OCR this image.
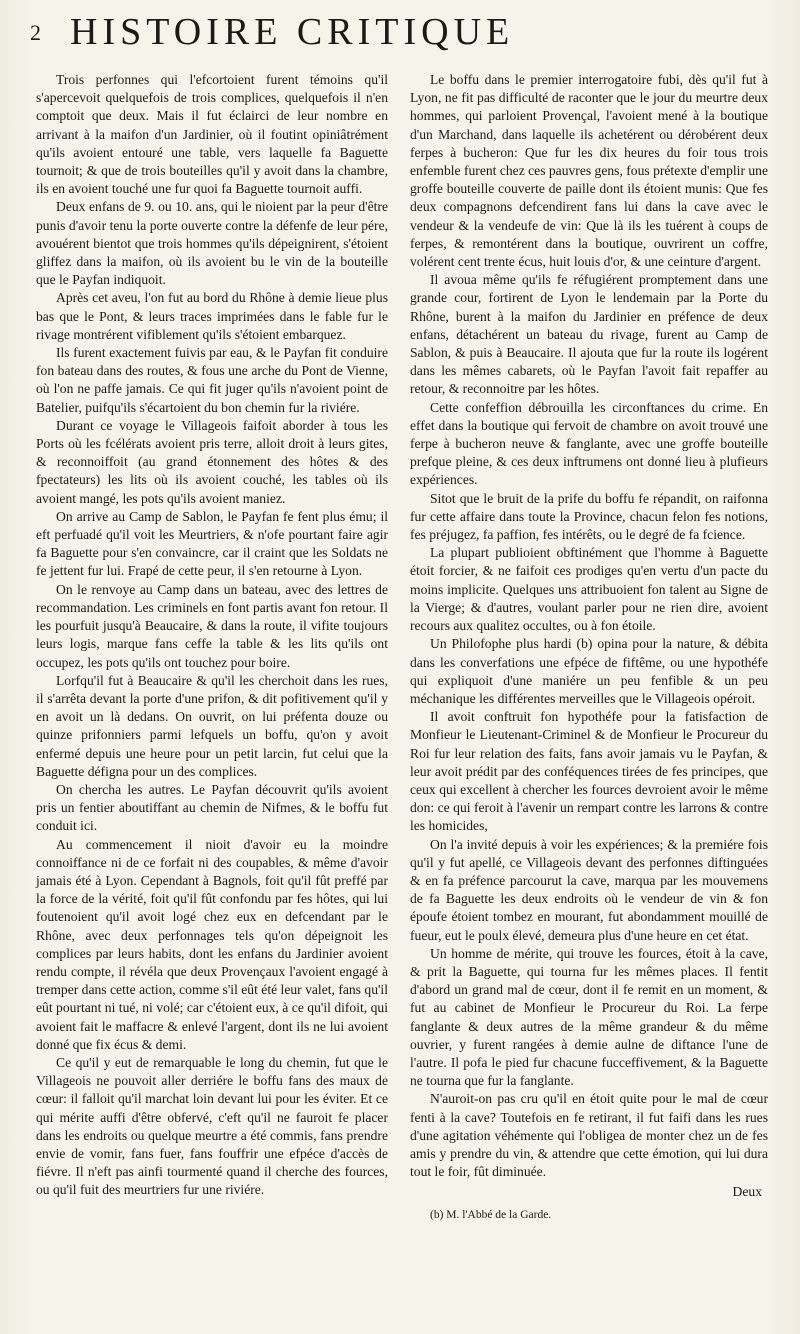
2 HISTOIRE CRITIQUE

Trois perfonnes qui l'efcortoient furent témoins qu'il s'apercevoit quelquefois de trois complices, quelquefois il n'en comptoit que deux. Mais il fut éclairci de leur nombre en arrivant à la maifon d'un Jardinier, où il foutint opiniâtrément qu'ils avoient entouré une table, vers laquelle fa Baguette tournoit; & que de trois bouteilles qu'il y avoit dans la chambre, ils en avoient touché une fur quoi fa Baguette tournoit auffi.

Deux enfans de 9. ou 10. ans, qui le nioient par la peur d'être punis d'avoir tenu la porte ouverte contre la défenfe de leur pére, avouérent bientot que trois hommes qu'ils dépeignirent, s'étoient gliffez dans la maifon, où ils avoient bu le vin de la bouteille que le Payfan indiquoit.

Après cet aveu, l'on fut au bord du Rhône à demie lieue plus bas que le Pont, & leurs traces imprimées dans le fable fur le rivage montrérent vifiblement qu'ils s'étoient embarquez.

Ils furent exactement fuivis par eau, & le Payfan fit conduire fon bateau dans des routes, & fous une arche du Pont de Vienne, où l'on ne paffe jamais. Ce qui fit juger qu'ils n'avoient point de Batelier, puifqu'ils s'écartoient du bon chemin fur la riviére.

Durant ce voyage le Villageois faifoit aborder à tous les Ports où les fcélérats avoient pris terre, alloit droit à leurs gites, & reconnoiffoit (au grand étonnement des hôtes & des fpectateurs) les lits où ils avoient couché, les tables où ils avoient mangé, les pots qu'ils avoient maniez.

On arrive au Camp de Sablon, le Payfan fe fent plus ému; il eft perfuadé qu'il voit les Meurtriers, & n'ofe pourtant faire agir fa Baguette pour s'en convaincre, car il craint que les Soldats ne fe jettent fur lui. Frapé de cette peur, il s'en retourne à Lyon.

On le renvoye au Camp dans un bateau, avec des lettres de recommandation. Les criminels en font partis avant fon retour. Il les pourfuit jusqu'à Beaucaire, & dans la route, il vifite toujours leurs logis, marque fans ceffe la table & les lits qu'ils ont occupez, les pots qu'ils ont touchez pour boire.

Lorfqu'il fut à Beaucaire & qu'il les cherchoit dans les rues, il s'arrêta devant la porte d'une prifon, & dit pofitivement qu'il y en avoit un là dedans. On ouvrit, on lui préfenta douze ou quinze prifonniers parmi lefquels un boffu, qu'on y avoit enfermé depuis une heure pour un petit larcin, fut celui que la Baguette défigna pour un des complices.

On chercha les autres. Le Payfan découvrit qu'ils avoient pris un fentier aboutiffant au chemin de Nifmes, & le boffu fut conduit ici.

Au commencement il nioit d'avoir eu la moindre connoiffance ni de ce forfait ni des coupables, & même d'avoir jamais été à Lyon. Cependant à Bagnols, foit qu'il fût preffé par la force de la vérité, foit qu'il fût confondu par fes hôtes, qui lui foutenoient qu'il avoit logé chez eux en defcendant par le Rhône, avec deux perfonnages tels qu'on dépeignoit les complices par leurs habits, dont les enfans du Jardinier avoient rendu compte, il révéla que deux Provençaux l'avoient engagé à tremper dans cette action, comme s'il eût été leur valet, fans qu'il eût pourtant ni tué, ni volé; car c'étoient eux, à ce qu'il difoit, qui avoient fait le maffacre & enlevé l'argent, dont ils ne lui avoient donné que fix écus & demi.

Ce qu'il y eut de remarquable le long du chemin, fut que le Villageois ne pouvoit aller derriére le boffu fans des maux de cœur: il falloit qu'il marchat loin devant lui pour les éviter. Et ce qui mérite auffi d'être obfervé, c'eft qu'il ne fauroit fe placer dans les endroits ou quelque meurtre a été commis, fans prendre envie de vomir, fans fuer, fans fouffrir une efpéce d'accès de fiévre. Il n'eft pas ainfi tourmenté quand il cherche des fources, ou qu'il fuit des meurtriers fur une riviére.

Le boffu dans le premier interrogatoire fubi, dès qu'il fut à Lyon, ne fit pas difficulté de raconter que le jour du meurtre deux hommes, qui parloient Provençal, l'avoient mené à la boutique d'un Marchand, dans laquelle ils achetérent ou dérobérent deux ferpes à bucheron: Que fur les dix heures du foir tous trois enfemble furent chez ces pauvres gens, fous prétexte d'emplir une groffe bouteille couverte de paille dont ils étoient munis: Que fes deux compagnons defcendirent fans lui dans la cave avec le vendeur & la vendeufe de vin: Que là ils les tuérent à coups de ferpes, & remontérent dans la boutique, ouvrirent un coffre, volérent cent trente écus, huit louis d'or, & une ceinture d'argent.

Il avoua même qu'ils fe réfugiérent promptement dans une grande cour, fortirent de Lyon le lendemain par la Porte du Rhône, burent à la maifon du Jardinier en préfence de deux enfans, détachérent un bateau du rivage, furent au Camp de Sablon, & puis à Beaucaire. Il ajouta que fur la route ils logérent dans les mêmes cabarets, où le Payfan l'avoit fait repaffer au retour, & reconnoitre par les hôtes.

Cette confeffion débrouilla les circonftances du crime. En effet dans la boutique qui fervoit de chambre on avoit trouvé une ferpe à bucheron neuve & fanglante, avec une groffe bouteille prefque pleine, & ces deux inftrumens ont donné lieu à plufieurs expériences.

Sitot que le bruit de la prife du boffu fe répandit, on raifonna fur cette affaire dans toute la Province, chacun felon fes notions, fes préjugez, fa paffion, fes intérêts, ou le degré de fa fcience.

La plupart publioient obftinément que l'homme à Baguette étoit forcier, & ne faifoit ces prodiges qu'en vertu d'un pacte du moins implicite. Quelques uns attribuoient fon talent au Signe de la Vierge; & d'autres, voulant parler pour ne rien dire, avoient recours aux qualitez occultes, ou à fon étoile.

Un Philofophe plus hardi (b) opina pour la nature, & débita dans les converfations une efpéce de fiftême, ou une hypothéfe qui expliquoit d'une maniére un peu fenfible & un peu méchanique les différentes merveilles que le Villageois opéroit.

Il avoit conftruit fon hypothéfe pour la fatisfaction de Monfieur le Lieutenant-Criminel & de Monfieur le Procureur du Roi fur leur relation des faits, fans avoir jamais vu le Payfan, & leur avoit prédit par des conféquences tirées de fes principes, que ceux qui excellent à chercher les fources devroient avoir le même don: ce qui feroit à l'avenir un rempart contre les larrons & contre les homicides,

On l'a invité depuis à voir les expériences; & la premiére fois qu'il y fut apellé, ce Villageois devant des perfonnes diftinguées & en fa préfence parcourut la cave, marqua par les mouvemens de fa Baguette les deux endroits où le vendeur de vin & fon époufe étoient tombez en mourant, fut abondamment mouillé de fueur, eut le poulx élevé, demeura plus d'une heure en cet état.

Un homme de mérite, qui trouve les fources, étoit à la cave, & prit la Baguette, qui tourna fur les mêmes places. Il fentit d'abord un grand mal de cœur, dont il fe remit en un moment, & fut au cabinet de Monfieur le Procureur du Roi. La ferpe fanglante & deux autres de la même grandeur & du même ouvrier, y furent rangées à demie aulne de diftance l'une de l'autre. Il pofa le pied fur chacune fucceffivement, & la Baguette ne tourna que fur la fanglante.

N'auroit-on pas cru qu'il en étoit quite pour le mal de cœur fenti à la cave? Toutefois en fe retirant, il fut faifi dans les rues d'une agitation véhémente qui l'obligea de monter chez un de fes amis y prendre du vin, & attendre que cette émotion, qui lui dura tout le foir, fût diminuée.

Deux
(b) M. l'Abbé de la Garde.
